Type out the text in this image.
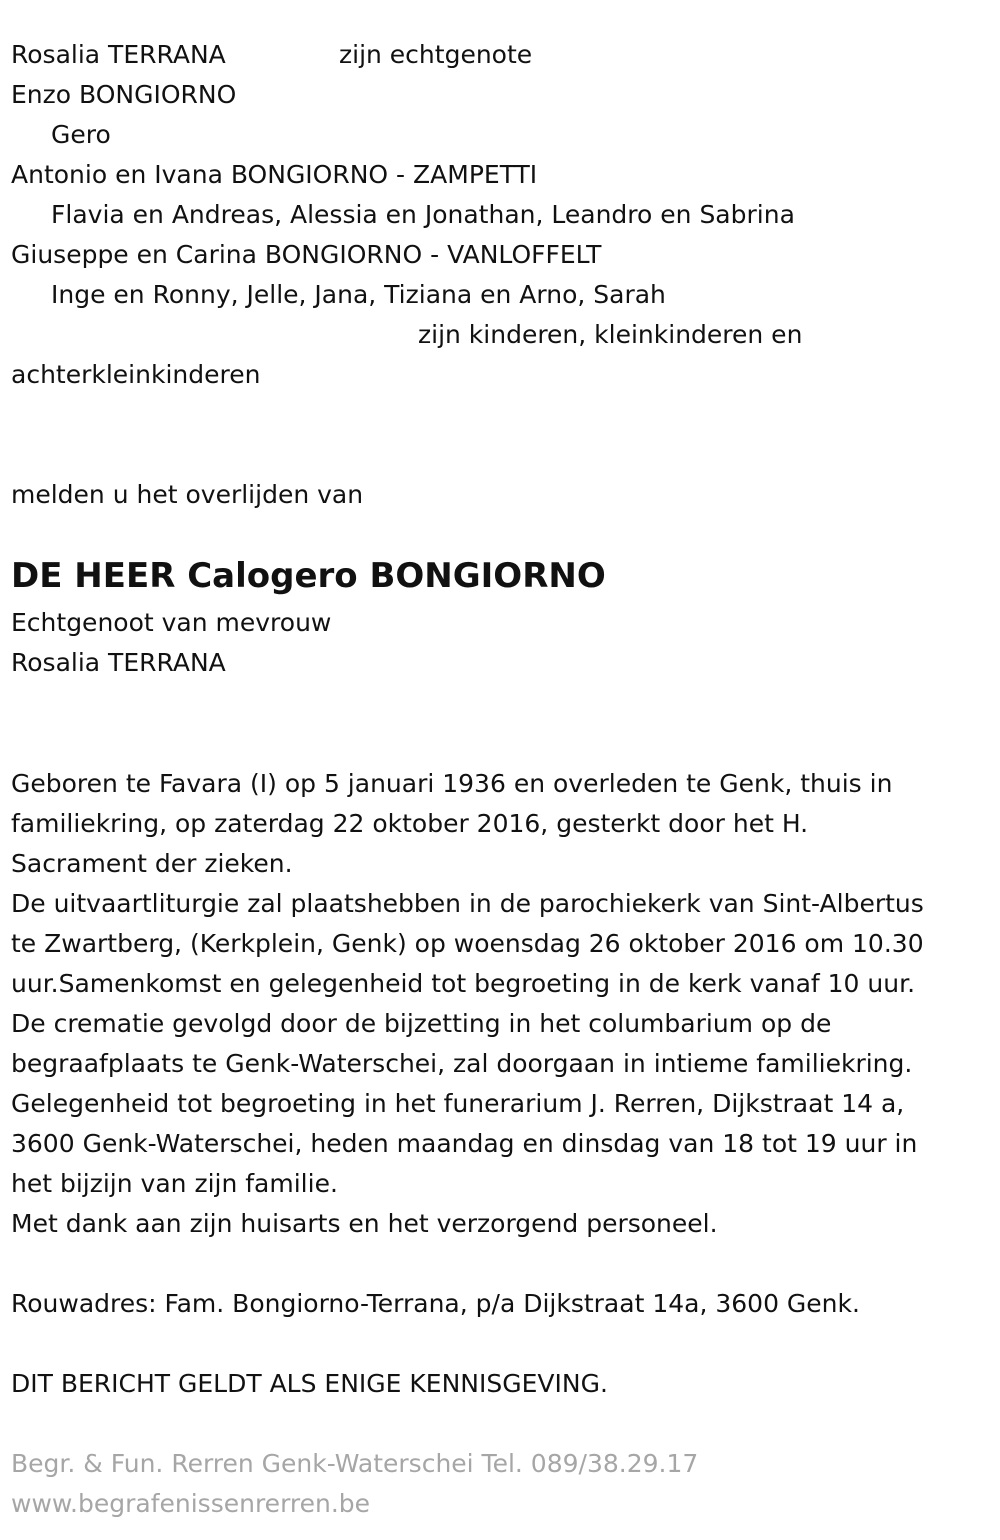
Rosalia TERRANA	zijn echtgenote
Enzo BONGIORNO
Gero
Antonio en Ivana BONGIORNO - ZAMPETTI
Flavia en Andreas, Alessia en Jonathan, Leandro en Sabrina
Giuseppe en Carina BONGIORNO - VANLOFFELT
Inge en Ronny, Jelle, Jana, Tiziana en Arno, Sarah
zijn kinderen, kleinkinderen en
achterkleinkinderen
melden u het overlijden van
DE HEER Calogero BONGIORNO
Echtgenoot van mevrouw
Rosalia TERRANA

Geboren te Favara (I) op 5 januari 1936 en overleden te Genk, thuis in

familiekring, op zaterdag 22 oktober 2016, gesterkt door het H.

Sacrament der zieken.

De uitvaartliturgie zal plaatshebben in de parochiekerk van Sint-Albertus

te Zwartberg, (Kerkplein, Genk) op woensdag 26 oktober 2016 om 10.30

uur.Samenkomst en gelegenheid tot begroeting in de kerk vanaf 10 uur.

De crematie gevolgd door de bijzetting in het columbarium op de

begraafplaats te Genk-Waterschei, zal doorgaan in intieme familiekring.

Gelegenheid tot begroeting in het funerarium J. Rerren, Dijkstraat 14 a,

3600 Genk-Waterschei, heden maandag en dinsdag van 18 tot 19 uur in

het bijzijn van zijn familie.

Met dank aan zijn huisarts en het verzorgend personeel.

Rouwadres: Fam. Bongiorno-Terrana, p/a Dijkstraat 14a, 3600 Genk.

DIT BERICHT GELDT ALS ENIGE KENNISGEVING.

Begr. & Fun. Rerren Genk-Waterschei Tel. 089/38.29.17

www.begrafenissenrerren.be
